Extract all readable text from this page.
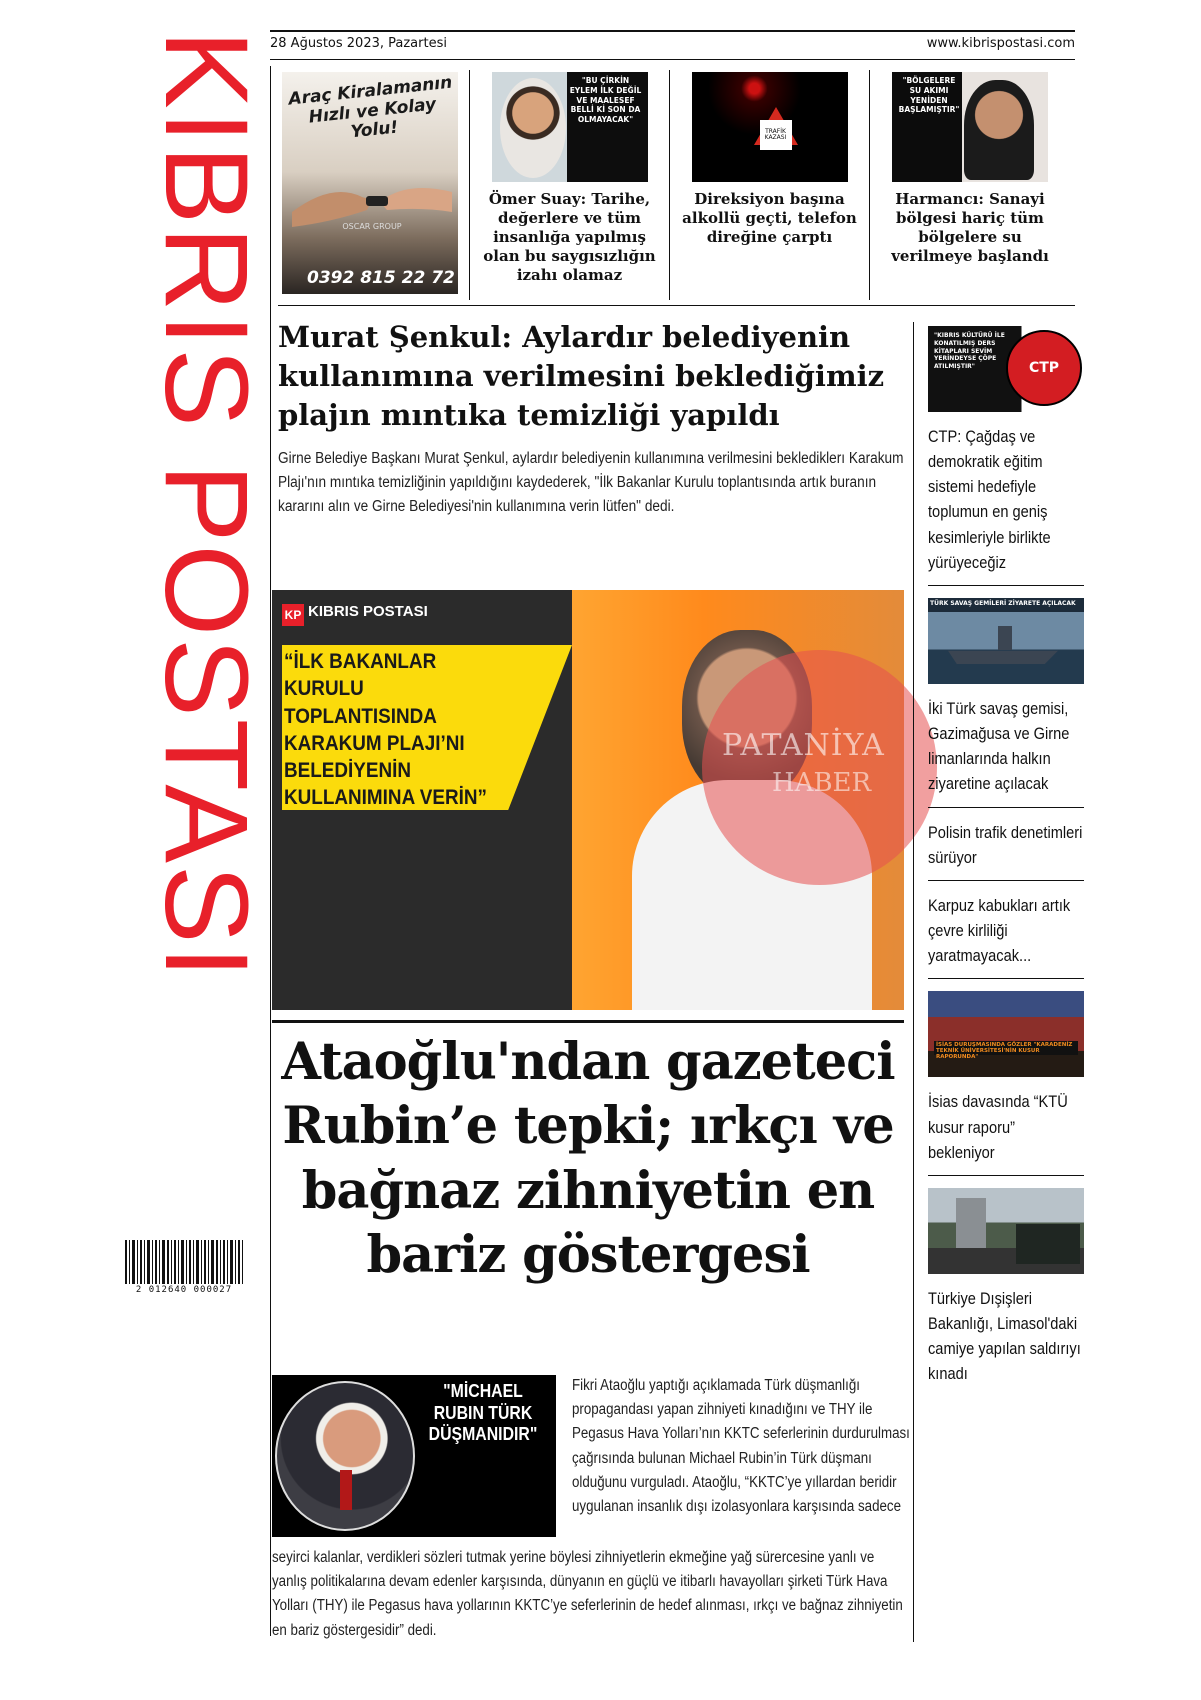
KIBRIS POSTASI
2 012640 000027
28 Ağustos 2023, Pazartesi	www.kibrispostasi.com
Araç Kiralamanın Hızlı ve Kolay Yolu!
OSCAR GROUP
0392 815 22 72
"BU ÇİRKİN EYLEM İLK DEĞİL VE MAALESEF BELLİ Kİ SON DA OLMAYACAK"
Ömer Suay: Tarihe, değerlere ve tüm insanlığa yapılmış olan bu saygısızlığın izahı olamaz
TRAFİK KAZASI
Direksiyon başına alkollü geçti, telefon direğine çarptı
"BÖLGELERE SU AKIMI YENİDEN BAŞLAMIŞTIR"
Harmancı: Sanayi bölgesi hariç tüm bölgelere su verilmeye başlandı
Murat Şenkul: Aylardır belediyenin kullanımına verilmesini beklediğimiz plajın mıntıka temizliği yapıldı

Girne Belediye Başkanı Murat Şenkul, aylardır belediyenin kullanımına verilmesini beklediklerı Karakum Plajı'nın mıntıka temizliğinin yapıldığını kaydederek, "İlk Bakanlar Kurulu toplantısında artık buranın kararını alın ve Girne Belediyesi'nin kullanımına verin lütfen" dedi.

KP KIBRIS POSTASI
“İLK BAKANLAR KURULU TOPLANTISINDA KARAKUM PLAJI’NI BELEDİYENİN KULLANIMINA VERİN”
PATANİYA
HABER
Ataoğlu'ndan gazeteci Rubin’e tepki; ırkçı ve bağnaz zihniyetin en bariz göstergesi
"MİCHAEL RUBIN TÜRK DÜŞMANIDIR"
Fikri Ataoğlu yaptığı açıklamada Türk düşmanlığı propagandası yapan zihniyeti kınadığını ve THY ile Pegasus Hava Yolları’nın KKTC seferlerinin durdurulması çağrısında bulunan Michael Rubin’in Türk düşmanı olduğunu vurguladı. Ataoğlu, “KKTC’ye yıllardan beridir uygulanan insanlık dışı izolasyonlara karşısında sadece
seyirci kalanlar, verdikleri sözleri tutmak yerine böylesi zihniyetlerin ekmeğine yağ sürercesine yanlı ve yanlış politikalarına devam edenler karşısında, dünyanın en güçlü ve itibarlı havayolları şirketi Türk Hava Yolları (THY) ile Pegasus hava yollarının KKTC’ye seferlerinin de hedef alınması, ırkçı ve bağnaz zihniyetin en bariz göstergesidir” dedi.
"KIBRIS KÜLTÜRÜ İLE KONATILMIŞ DERS KİTAPLARI SEVİM YERİNDEYSE ÇÖPE ATILMIŞTIR"	CTP
CTP: Çağdaş ve demokratik eğitim sistemi hedefiyle toplumun en geniş kesimleriyle birlikte yürüyeceğiz
TÜRK SAVAŞ GEMİLERİ ZİYARETE AÇILACAK
İki Türk savaş gemisi, Gazimağusa ve Girne limanlarında halkın ziyaretine açılacak
Polisin trafik denetimleri sürüyor
Karpuz kabukları artık çevre kirliliği yaratmayacak...
İSİAS DURUŞMASINDA GÖZLER "KARADENİZ TEKNİK ÜNİVERSİTESİ'NİN KUSUR RAPORUNDA"
İsias davasında “KTÜ kusur raporu” bekleniyor
Türkiye Dışişleri Bakanlığı, Limasol'daki camiye yapılan saldırıyı kınadı
